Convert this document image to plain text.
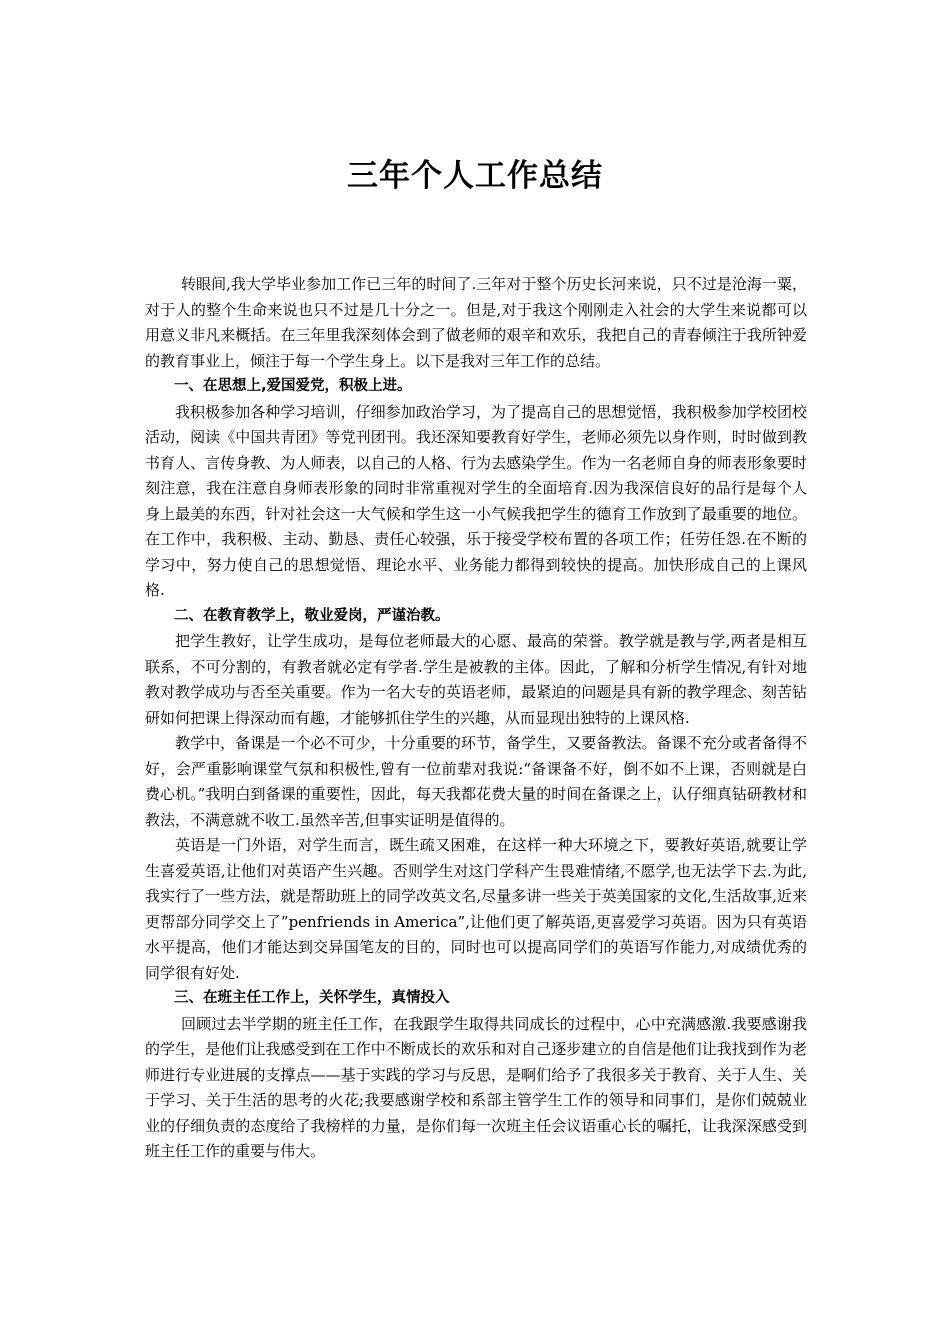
三年个人工作总结

转眼间,我大学毕业参加工作已三年的时间了.三年对于整个历史长河来说，只不过是沧海一粟，对于人的整个生命来说也只不过是几十分之一。但是,对于我这个刚刚走入社会的大学生来说都可以用意义非凡来概括。在三年里我深刻体会到了做老师的艰辛和欢乐，我把自己的青春倾注于我所钟爱的教育事业上，倾注于每一个学生身上。以下是我对三年工作的总结。

一、在思想上,爱国爱党，积极上进。

我积极参加各种学习培训，仔细参加政治学习，为了提高自己的思想觉悟，我积极参加学校团校活动，阅读《中国共青团》等党刊团刊。我还深知要教育好学生，老师必须先以身作则，时时做到教书育人、言传身教、为人师表，以自己的人格、行为去感染学生。作为一名老师自身的师表形象要时刻注意，我在注意自身师表形象的同时非常重视对学生的全面培育.因为我深信良好的品行是每个人身上最美的东西，针对社会这一大气候和学生这一小气候我把学生的德育工作放到了最重要的地位。在工作中，我积极、主动、勤恳、责任心较强，乐于接受学校布置的各项工作；任劳任怨.在不断的学习中，努力使自己的思想觉悟、理论水平、业务能力都得到较快的提高。加快形成自己的上课风格.

二、在教育教学上，敬业爱岗，严谨治教。

把学生教好，让学生成功，是每位老师最大的心愿、最高的荣誉。教学就是教与学,两者是相互联系，不可分割的，有教者就必定有学者.学生是被教的主体。因此，了解和分析学生情况,有针对地教对教学成功与否至关重要。作为一名大专的英语老师，最紧迫的问题是具有新的教学理念、刻苦钻研如何把课上得深动而有趣，才能够抓住学生的兴趣，从而显现出独特的上课风格.

教学中，备课是一个必不可少，十分重要的环节，备学生，又要备教法。备课不充分或者备得不好，会严重影响课堂气氛和积极性,曾有一位前辈对我说:“备课备不好，倒不如不上课，否则就是白费心机。”我明白到备课的重要性，因此，每天我都花费大量的时间在备课之上，认仔细真钻研教材和教法，不满意就不收工.虽然辛苦,但事实证明是值得的。

英语是一门外语，对学生而言，既生疏又困难，在这样一种大环境之下，要教好英语,就要让学生喜爱英语,让他们对英语产生兴趣。否则学生对这门学科产生畏难情绪,不愿学,也无法学下去.为此,我实行了一些方法，就是帮助班上的同学改英文名,尽量多讲一些关于英美国家的文化,生活故事,近来更帮部分同学交上了”penfriends in America”,让他们更了解英语,更喜爱学习英语。因为只有英语水平提高，他们才能达到交异国笔友的目的，同时也可以提高同学们的英语写作能力,对成绩优秀的同学很有好处.

三、在班主任工作上，关怀学生，真情投入

回顾过去半学期的班主任工作，在我跟学生取得共同成长的过程中，心中充满感激.我要感谢我的学生，是他们让我感受到在工作中不断成长的欢乐和对自己逐步建立的自信是他们让我找到作为老师进行专业进展的支撑点——基于实践的学习与反思，是啊们给予了我很多关于教育、关于人生、关于学习、关于生活的思考的火花;我要感谢学校和系部主管学生工作的领导和同事们，是你们兢兢业业的仔细负责的态度给了我榜样的力量，是你们每一次班主任会议语重心长的嘱托，让我深深感受到班主任工作的重要与伟大。
